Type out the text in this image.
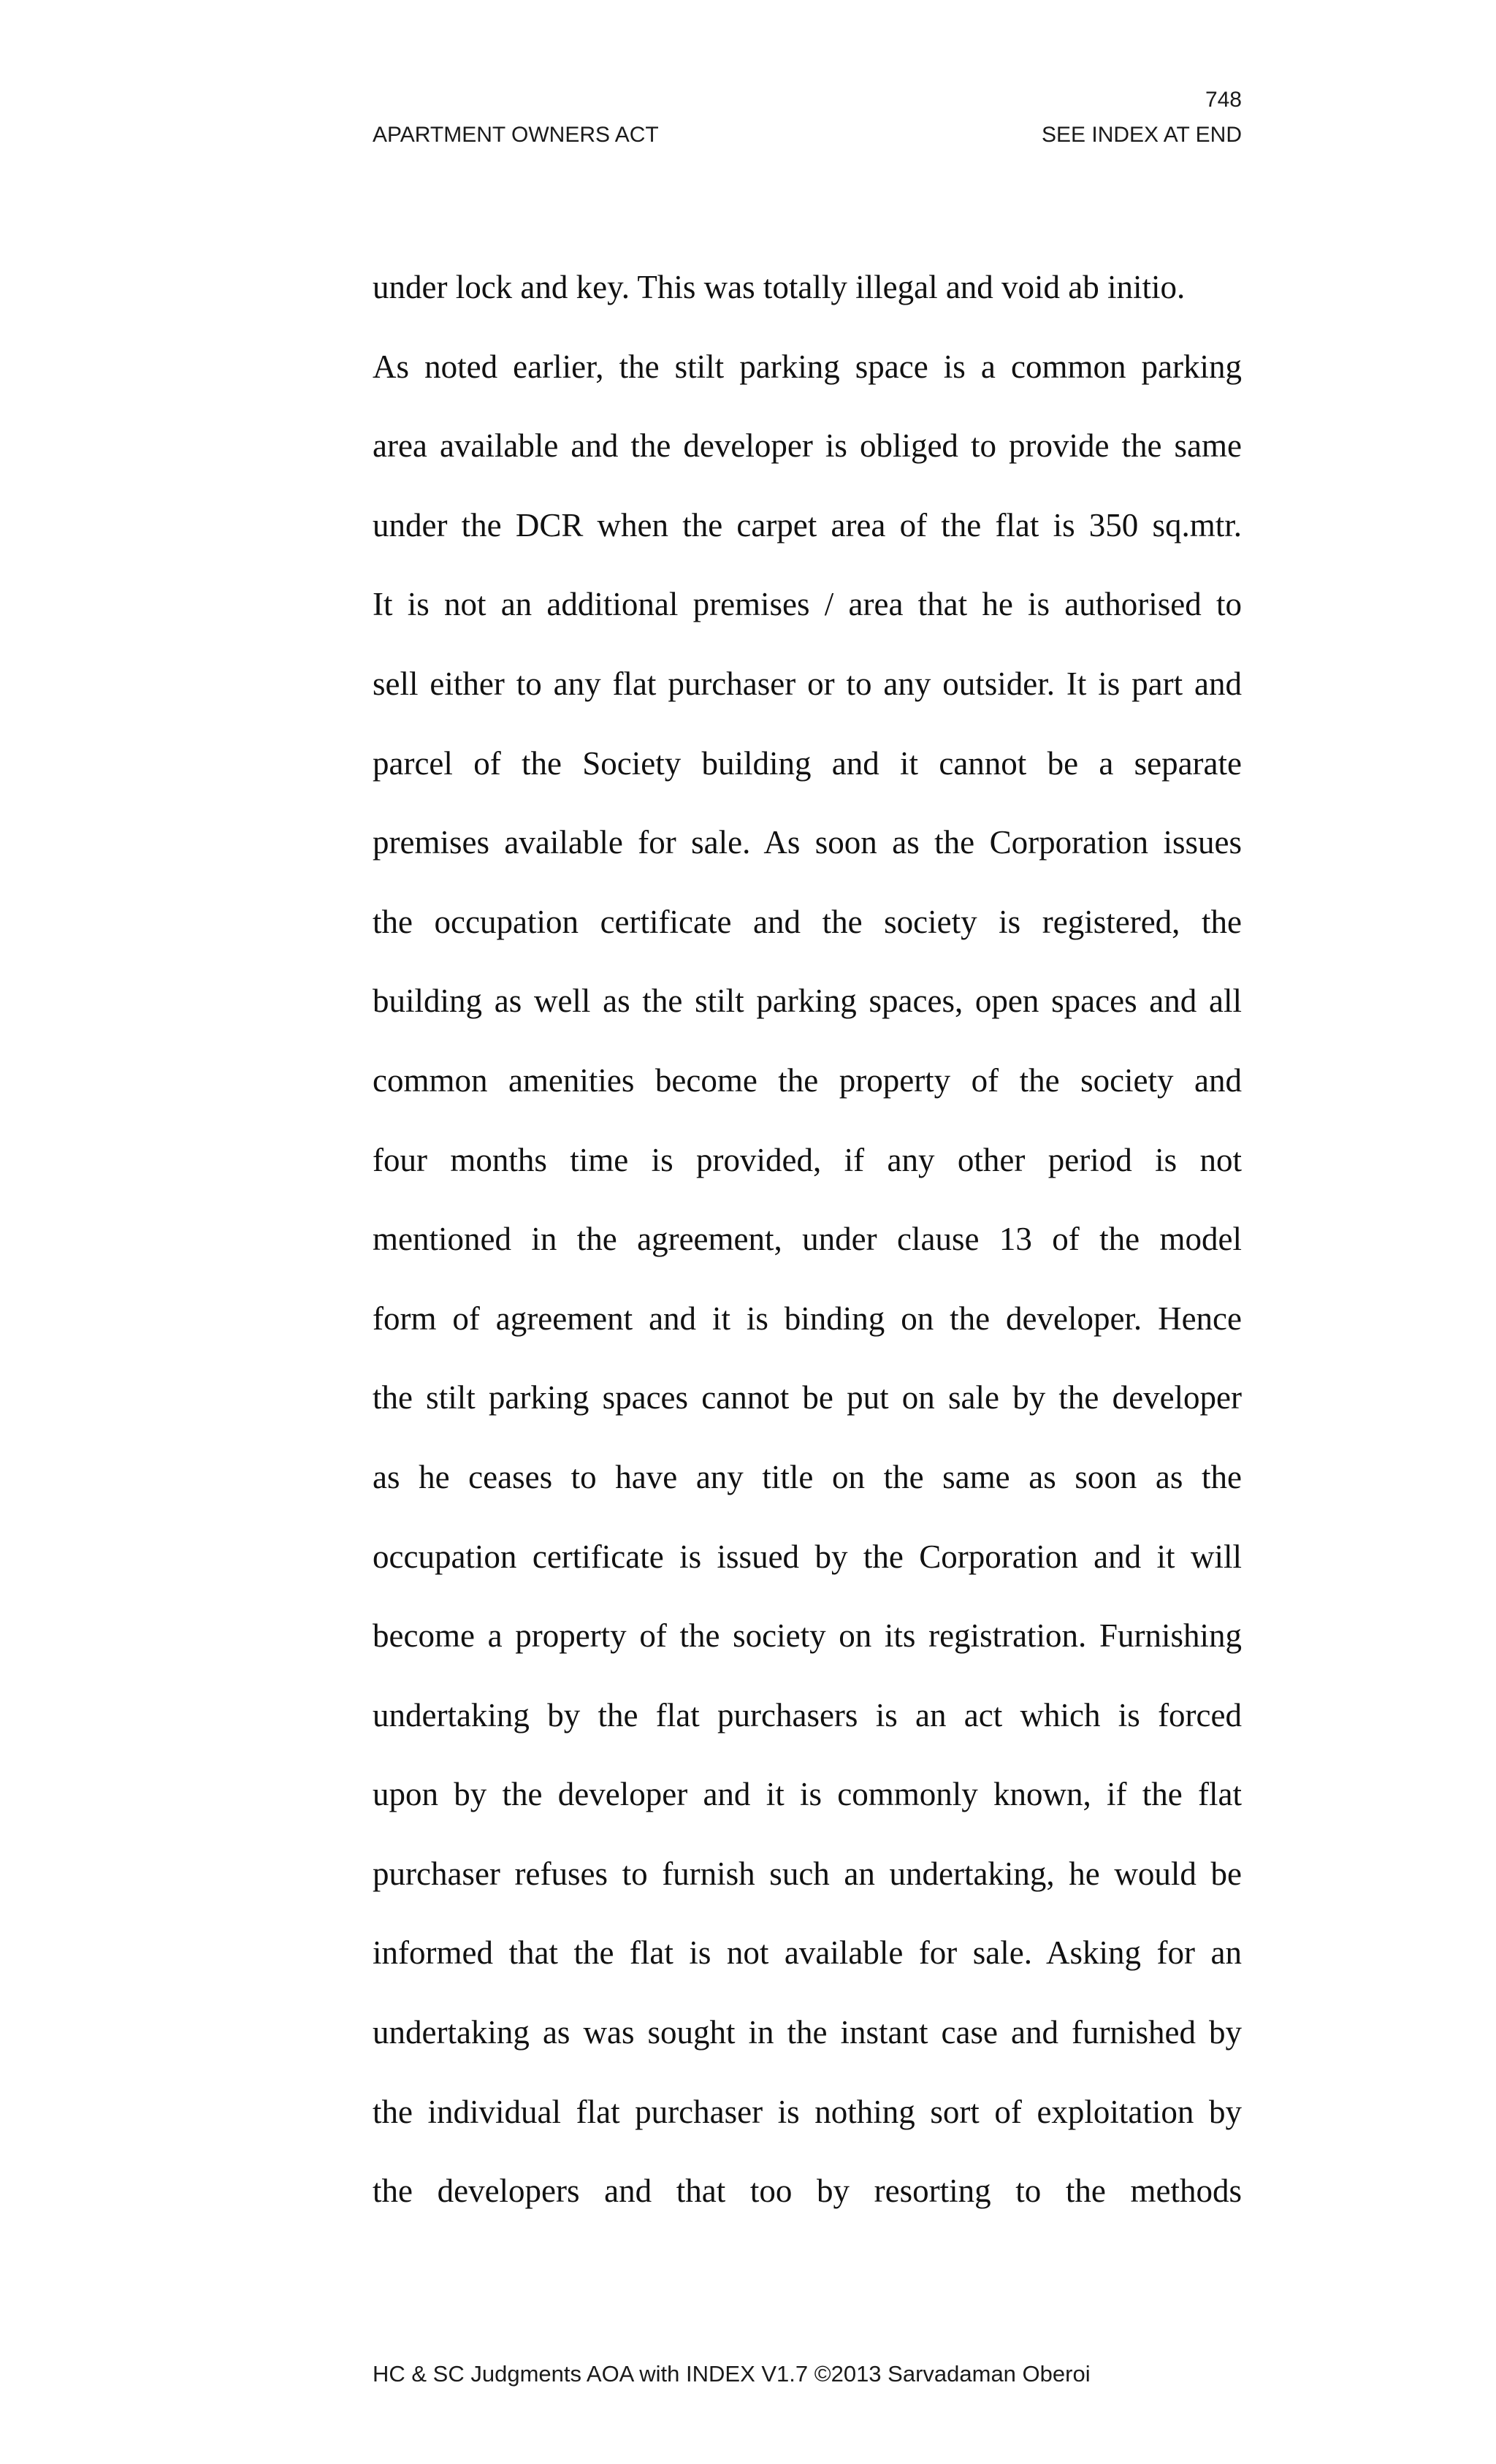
748
APARTMENT OWNERS ACT	SEE INDEX AT END
under lock and key. This was totally illegal and void ab initio.
As noted earlier, the stilt parking space is a common parking
area available and the developer is obliged to provide the same
under the DCR when the carpet area of the flat is 350 sq.mtr.
It is not an additional premises / area that he is authorised to
sell either to any flat purchaser or to any outsider. It is part and
parcel of the Society building and it cannot be a separate
premises available for sale. As soon as the Corporation issues
the occupation certificate and the society is registered, the
building as well as the stilt parking spaces, open spaces and all
common amenities become the property of the society and
four months time is provided, if any other period is not
mentioned in the agreement, under clause 13 of the model
form of agreement and it is binding on the developer. Hence
the stilt parking spaces cannot be put on sale by the developer
as he ceases to have any title on the same as soon as the
occupation certificate is issued by the Corporation and it will
become a property of the society on its registration. Furnishing
undertaking by the flat purchasers is an act which is forced
upon by the developer and it is commonly known, if the flat
purchaser refuses to furnish such an undertaking, he would be
informed that the flat is not available for sale. Asking for an
undertaking as was sought in the instant case and furnished by
the individual flat purchaser is nothing sort of exploitation by
the developers and that too by resorting to the methods
HC & SC Judgments AOA with INDEX V1.7 ©2013 Sarvadaman Oberoi
